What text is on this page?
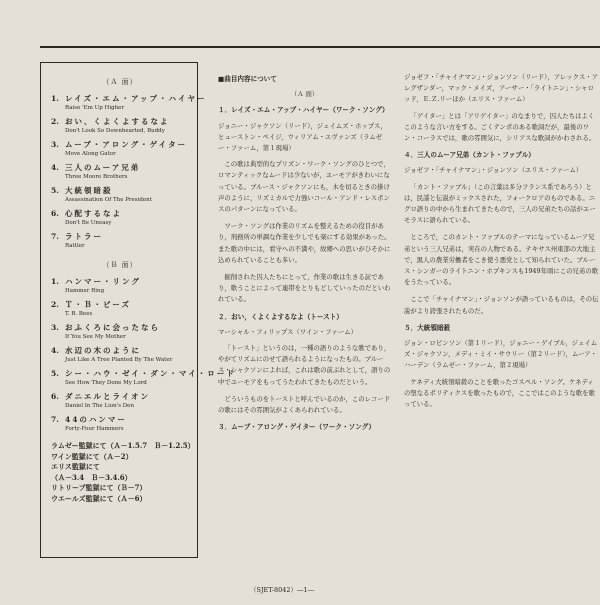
（Ａ 面）
1. レイズ・エム・アップ・ハイヤー
Raise 'Em Up Higher
2. おい、くよくよするなよ
Don't Look So Downhearted, Buddy
3. ムーブ・アロング・ゲイター
Move Along Gator
4. 三人のムーア兄弟
Three Moore Brothers
5. 大統領暗殺
Assassination Of The President
6. 心配するなよ
Don't Be Uneasy
7. ラトラー
Rattler
（Ｂ 面）
1. ハンマー・リング
Hammer Ring
2. Ｔ・Ｂ・ビーズ
T. B. Bees
3. おふくろに会ったなら
If You See My Mother
4. 水辺の木のように
Just Like A Tree Planted By The Water
5. シー・ハウ・ゼイ・ダン・マイ・ロード
See How They Done My Lord
6. ダニエルとライオン
Daniel In The Lion's Den
7. 44のハンマー
Forty-Four Hammers
ラムゼー監獄にて（Ａ－1.5.7　Ｂ－1.2.5）
ワイン監獄にて（Ａ－2）
エリス監獄にて
（Ａ－3.4　Ｂ－3.4.6）
リトリーブ監獄にて（Ｂ－7）
ウエールズ監獄にて（Ａ－6）
■曲目内容について
（Ａ 面）
１．レイズ・エム・アップ・ハイヤー（ワーク・ソング）
ジョニー・ジャクソン（リード），ジェイムズ・ホップス，ヒューストン・ペイジ，ウィリアム・エヴァンズ（ラムゼー・ファーム，第１現場）

この歌は典型的なプリズン・ワーク・ソングのひとつで，ロマンティックなムードは少ないが，ユーモアがきわいになっている。ブルース・ジャクソンにも，木を切るときの掛け声のように，リズミカルで力強いコール・アンド・レスポンスのパターンになっている。

ワーク・ソングは作業のリズムを整えるための役目があり，刑務所の単調な作業を少しでも楽にする効果があった。また歌の中には，看守への不満や，故郷への思いがひそかに込められていることも多い。

掘削された囚人たちにとって，作業の歌は生きる証であり，歌うことによって連帯をとりもどしていったのだといわれている。

２．おい，くよくよするなよ（トースト）
マーシャル・フィリップス（ワイン・ファーム）

「トースト」というのは，一種の語りのような歌であり，やがてリズムにのせて語られるようになったもの。ブルース・シャクソンによれば，これは歌の前ぶれとして，語りの中でユーモアをもってうたわれてきたものだという。

どういうものをトーストと呼んでいるのか，このレコードの歌にはその雰囲気がよくあらわれている。

３．ムーブ・アロング・ゲイター（ワーク・ソング）
ジョゼフ・「チャイナマン」・ジョンソン（リード），アレックス・アレグザンダー，マック・メイズ，アーサー・「ライトニン」・シャロッド，Ｅ.Ｚ.リーほか（エリス・ファーム）

「ゲイター」とは「アリゲイター」のなまりで，囚人たちはよくこのような言い方をする。ごくテンポのある歌詞だが，最後のワン・コーラスでは，歌の雰囲気に，シリアスな歌詞がかわされる。

４．三人のムーア兄弟（カント・ファブル）
ジョゼフ・「チャイナマン」・ジョンソン（エリス・ファーム）

「カント・ファブル」（この言葉は多分フランス系であろう）とは，民謡と伝説がミックスされた，フォークロアのものである。ニグロ語りの中から生まれてきたもので，三人の兄弟たちの話がユーモラスに語られている。

ところで，このカント・ファブルのテーマになっているムーア兄弟という三人兄弟は，実在の人物である。テキサス州東部の大地主で，黒人の農業労働者をこき使う悪党として知られていた。ブルース・シンガーのライトニン・ホプキンスも1949年頃にこの兄弟の歌をうたっている。

ここで「チャイナマン」・ジョンソンが語っているものは，その伝説がより誇張されたものだ。

５．大統領暗殺
ジョン・ロビンソン（第１リード），ジョニー・ゲイブル，ジェイムズ・ジャクソン，メディ・ミイ・サウリー（第２リード），ムーア・ハーデン（ラムゼー・ファーム，第２現場）

ケネディ大統領暗殺のことを歌ったゴスペル・ソング。ケネディの聖なるポリティクスを歌ったもので，ここではこのような歌を歌っている。

（SJET-8042）―1―
